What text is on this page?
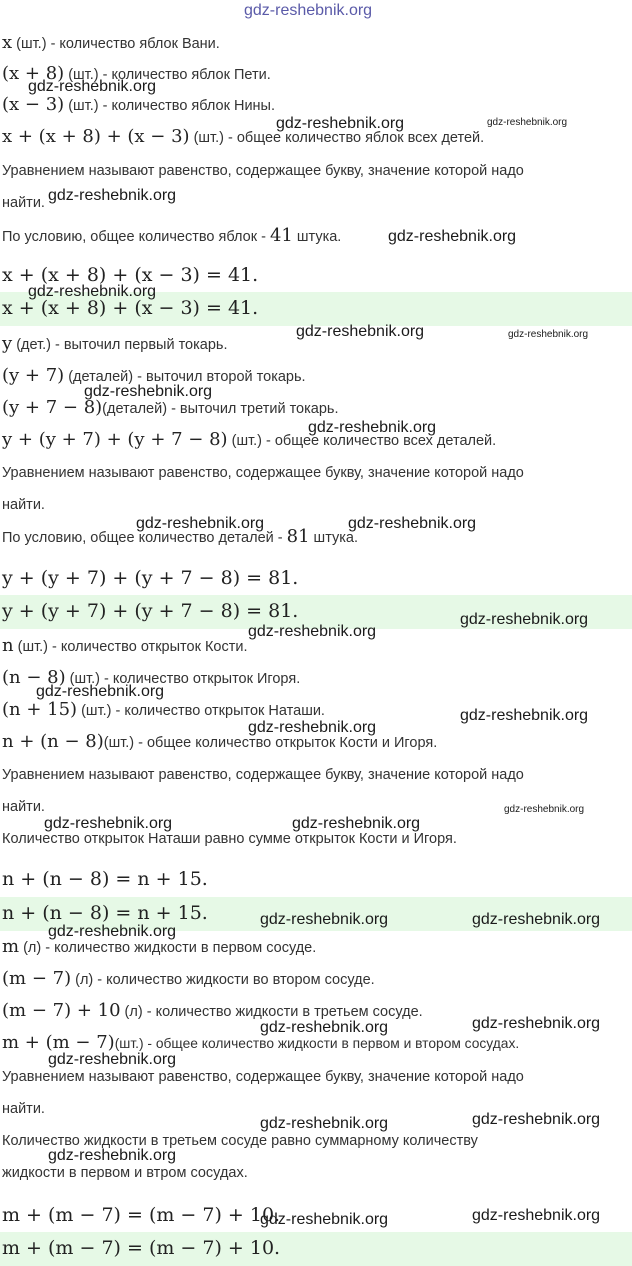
gdz-reshebnik.org
x (шт.) - количество яблок Вани.
(x + 8) (шт.) - количество яблок Пети.
(x − 3) (шт.) - количество яблок Нины.
x + (x + 8) + (x − 3) (шт.) - общее количество яблок всех детей.
Уравнением называют равенство, содержащее букву, значение которой надо
найти.
По условию, общее количество яблок - 41 штука.
x + (x + 8) + (x − 3) = 41.
x + (x + 8) + (x − 3) = 41.
y (дет.) - выточил первый токарь.
(y + 7) (деталей) - выточил второй токарь.
(y + 7 − 8)(деталей) - выточил третий токарь.
y + (y + 7) + (y + 7 − 8) (шт.) - общее количество всех деталей.
Уравнением называют равенство, содержащее букву, значение которой надо
найти.
По условию, общее количество деталей - 81 штука.
y + (y + 7) + (y + 7 − 8) = 81.
y + (y + 7) + (y + 7 − 8) = 81.
n (шт.) - количество открыток Кости.
(n − 8) (шт.) - количество открыток Игоря.
(n + 15) (шт.) - количество открыток Наташи.
n + (n − 8)(шт.) - общее количество открыток Кости и Игоря.
Уравнением называют равенство, содержащее букву, значение которой надо
найти.
Количество открыток Наташи равно сумме открыток Кости и Игоря.
n + (n − 8) = n + 15.
n + (n − 8) = n + 15.
m (л) - количество жидкости в первом сосуде.
(m − 7) (л) - количество жидкости во втором сосуде.
(m − 7) + 10 (л) - количество жидкости в третьем сосуде.
m + (m − 7)(шт.) - общее количество жидкости в первом и втором сосудах.
Уравнением называют равенство, содержащее букву, значение которой надо
найти.
Количество жидкости в третьем сосуде равно суммарному количеству
жидкости в первом и втром сосудах.
m + (m − 7) = (m − 7) + 10.
m + (m − 7) = (m − 7) + 10.
gdz-reshebnik.org
gdz-reshebnik.org	gdz-reshebnik.org
gdz-reshebnik.org
gdz-reshebnik.org
gdz-reshebnik.org
gdz-reshebnik.org	gdz-reshebnik.org
gdz-reshebnik.org
gdz-reshebnik.org
gdz-reshebnik.org	gdz-reshebnik.org
gdz-reshebnik.org
gdz-reshebnik.org
gdz-reshebnik.org
gdz-reshebnik.org
gdz-reshebnik.org
gdz-reshebnik.org
gdz-reshebnik.org	gdz-reshebnik.org
gdz-reshebnik.org	gdz-reshebnik.org
gdz-reshebnik.org
gdz-reshebnik.org	gdz-reshebnik.org
gdz-reshebnik.org
gdz-reshebnik.org	gdz-reshebnik.org
gdz-reshebnik.org
gdz-reshebnik.org	gdz-reshebnik.org
